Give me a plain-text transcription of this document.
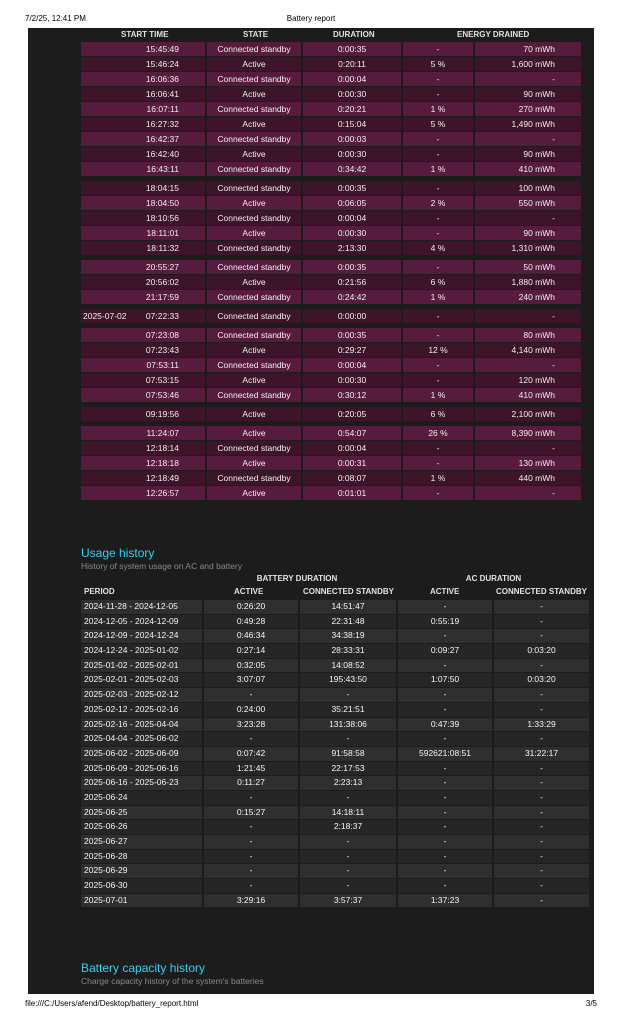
7/2/25, 12:41 PM	Battery report
START TIME	STATE	DURATION	ENERGY DRAINED
15:45:49	Connected standby	0:00:35	-	70 mWh
15:46:24	Active	0:20:11	5 %	1,600 mWh
16:06:36	Connected standby	0:00:04	-	-
16:06:41	Active	0:00:30	-	90 mWh
16:07:11	Connected standby	0:20:21	1 %	270 mWh
16:27:32	Active	0:15:04	5 %	1,490 mWh
16:42:37	Connected standby	0:00:03	-	-
16:42:40	Active	0:00:30	-	90 mWh
16:43:11	Connected standby	0:34:42	1 %	410 mWh
18:04:15	Connected standby	0:00:35	-	100 mWh
18:04:50	Active	0:06:05	2 %	550 mWh
18:10:56	Connected standby	0:00:04	-	-
18:11:01	Active	0:00:30	-	90 mWh
18:11:32	Connected standby	2:13:30	4 %	1,310 mWh
20:55:27	Connected standby	0:00:35	-	50 mWh
20:56:02	Active	0:21:56	6 %	1,880 mWh
21:17:59	Connected standby	0:24:42	1 %	240 mWh
2025-07-02 07:22:33	Connected standby	0:00:00	-	-
07:23:08	Connected standby	0:00:35	-	80 mWh
07:23:43	Active	0:29:27	12 %	4,140 mWh
07:53:11	Connected standby	0:00:04	-	-
07:53:15	Active	0:00:30	-	120 mWh
07:53:46	Connected standby	0:30:12	1 %	410 mWh
09:19:56	Active	0:20:05	6 %	2,100 mWh
11:24:07	Active	0:54:07	26 %	8,390 mWh
12:18:14	Connected standby	0:00:04	-	-
12:18:18	Active	0:00:31	-	130 mWh
12:18:49	Connected standby	0:08:07	1 %	440 mWh
12:26:57	Active	0:01:01	-	-
Usage history
History of system usage on AC and battery
BATTERY DURATION	AC DURATION
PERIOD	ACTIVE	CONNECTED STANDBY	ACTIVE	CONNECTED STANDBY
2024-11-28 - 2024-12-05	0:26:20	14:51:47	-	-
2024-12-05 - 2024-12-09	0:49:28	22:31:48	0:55:19	-
2024-12-09 - 2024-12-24	0:46:34	34:38:19	-	-
2024-12-24 - 2025-01-02	0:27:14	28:33:31	0:09:27	0:03:20
2025-01-02 - 2025-02-01	0:32:05	14:08:52	-	-
2025-02-01 - 2025-02-03	3:07:07	195:43:50	1:07:50	0:03:20
2025-02-03 - 2025-02-12	-	-	-	-
2025-02-12 - 2025-02-16	0:24:00	35:21:51	-	-
2025-02-16 - 2025-04-04	3:23:28	131:38:06	0:47:39	1:33:29
2025-04-04 - 2025-06-02	-	-	-	-
2025-06-02 - 2025-06-09	0:07:42	91:58:58	592621:08:51	31:22:17
2025-06-09 - 2025-06-16	1:21:45	22:17:53	-	-
2025-06-16 - 2025-06-23	0:11:27	2:23:13	-	-
2025-06-24	-	-	-	-
2025-06-25	0:15:27	14:18:11	-	-
2025-06-26	-	2:18:37	-	-
2025-06-27	-	-	-	-
2025-06-28	-	-	-	-
2025-06-29	-	-	-	-
2025-06-30	-	-	-	-
2025-07-01	3:29:16	3:57:37	1:37:23	-
Battery capacity history
Charge capacity history of the system's batteries
file:///C:/Users/afend/Desktop/battery_report.html	3/5
